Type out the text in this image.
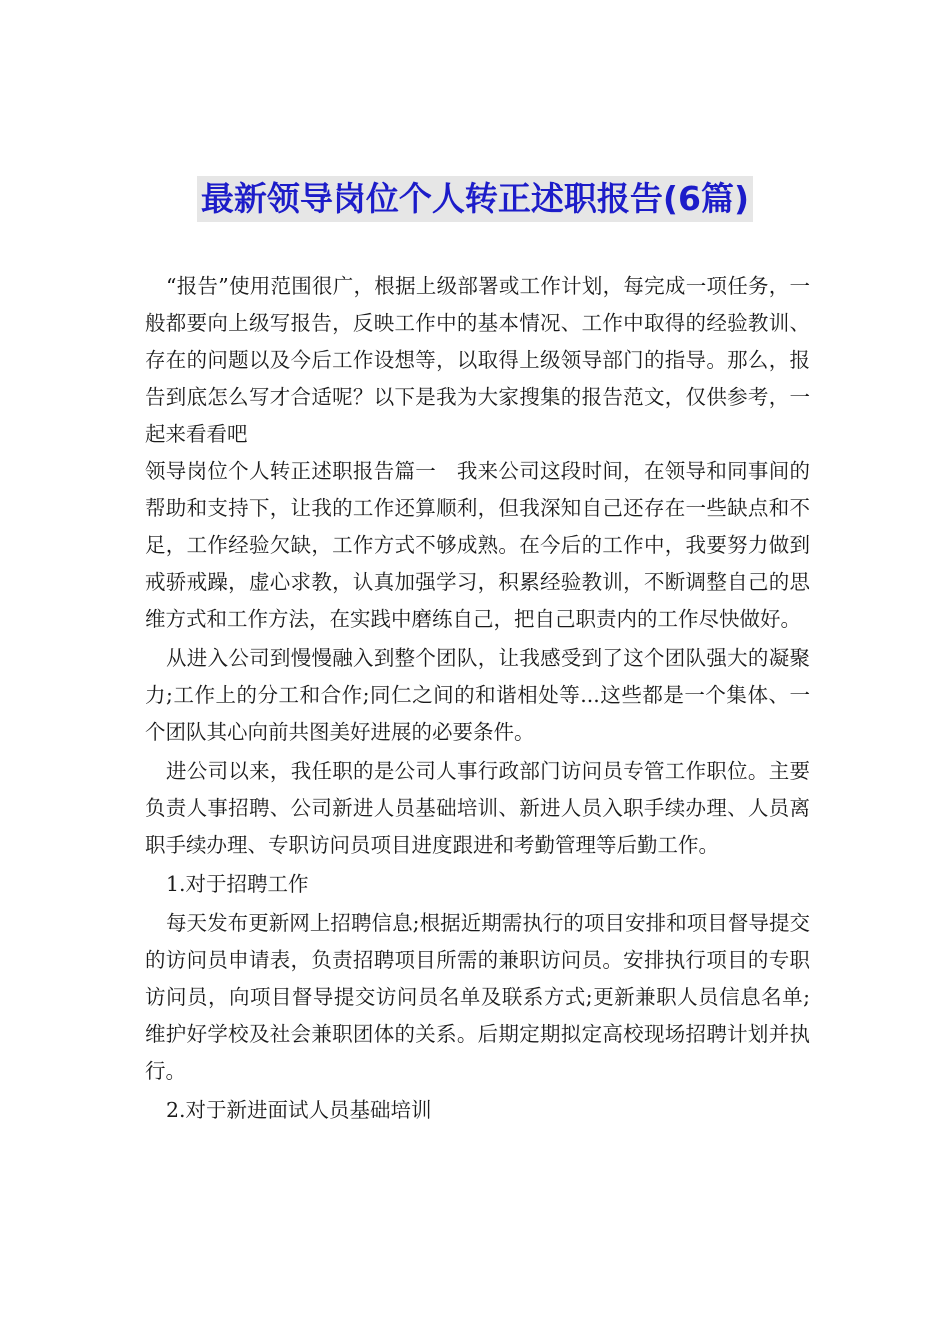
最新领导岗位个人转正述职报告(6篇)

“报告”使用范围很广，根据上级部署或工作计划，每完成一项任务，一般都要向上级写报告，反映工作中的基本情况、工作中取得的经验教训、存在的问题以及今后工作设想等，以取得上级领导部门的指导。那么，报告到底怎么写才合适呢？以下是我为大家搜集的报告范文，仅供参考，一起来看看吧

领导岗位个人转正述职报告篇一　我来公司这段时间，在领导和同事间的帮助和支持下，让我的工作还算顺利，但我深知自己还存在一些缺点和不足，工作经验欠缺，工作方式不够成熟。在今后的工作中，我要努力做到戒骄戒躁，虚心求教，认真加强学习，积累经验教训，不断调整自己的思维方式和工作方法，在实践中磨练自己，把自己职责内的工作尽快做好。

从进入公司到慢慢融入到整个团队，让我感受到了这个团队强大的凝聚力;工作上的分工和合作;同仁之间的和谐相处等...这些都是一个集体、一个团队其心向前共图美好进展的必要条件。

进公司以来，我任职的是公司人事行政部门访问员专管工作职位。主要负责人事招聘、公司新进人员基础培训、新进人员入职手续办理、人员离职手续办理、专职访问员项目进度跟进和考勤管理等后勤工作。

1.对于招聘工作

每天发布更新网上招聘信息;根据近期需执行的项目安排和项目督导提交的访问员申请表，负责招聘项目所需的兼职访问员。安排执行项目的专职访问员，向项目督导提交访问员名单及联系方式;更新兼职人员信息名单;维护好学校及社会兼职团体的关系。后期定期拟定高校现场招聘计划并执行。

2.对于新进面试人员基础培训
